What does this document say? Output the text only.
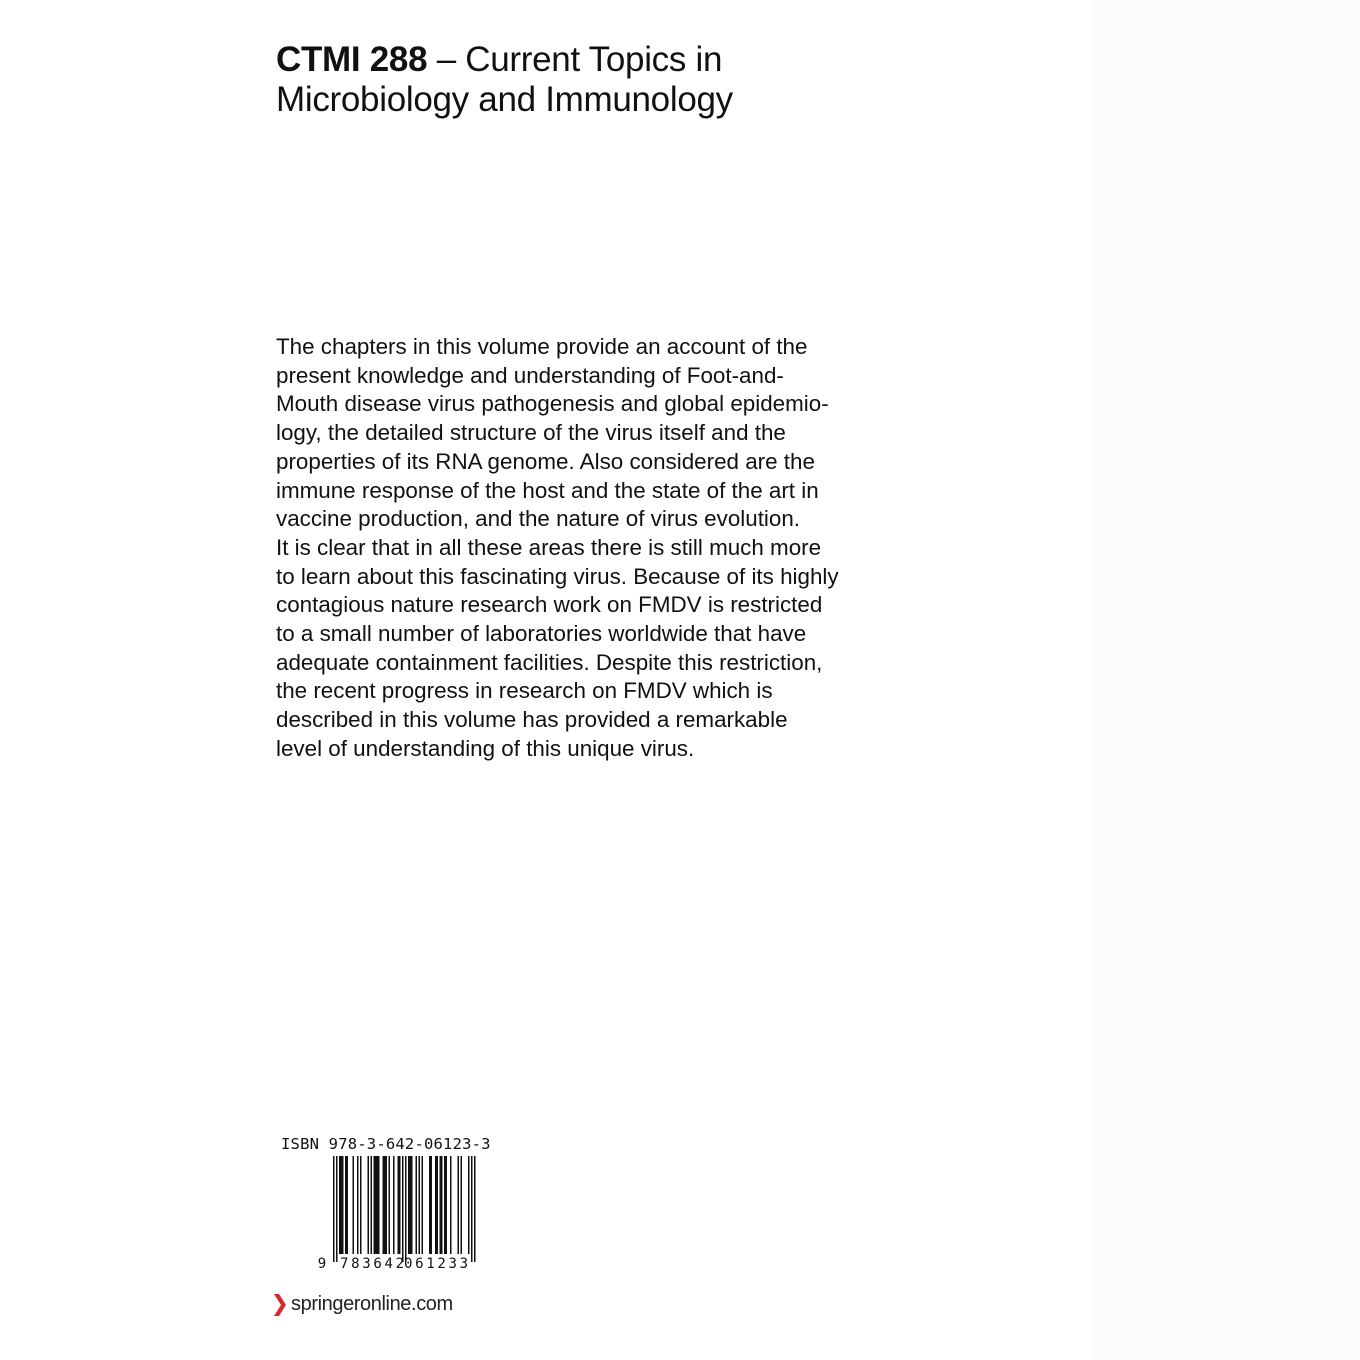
CTMI 288 – Current Topics in
Microbiology and Immunology

The chapters in this volume provide an account of the
present knowledge and understanding of Foot-and-
Mouth disease virus pathogenesis and global epidemio-
logy, the detailed structure of the virus itself and the
properties of its RNA genome. Also considered are the
immune response of the host and the state of the art in
vaccine production, and the nature of virus evolution.
It is clear that in all these areas there is still much more
to learn about this fascinating virus. Because of its highly
contagious nature research work on FMDV is restricted
to a small number of laboratories worldwide that have
adequate containment facilities. Despite this restriction,
the recent progress in research on FMDV which is
described in this volume has provided a remarkable
level of understanding of this unique virus.

ISBN 978-3-642-06123-3
9 783642 061233
springeronline.com
